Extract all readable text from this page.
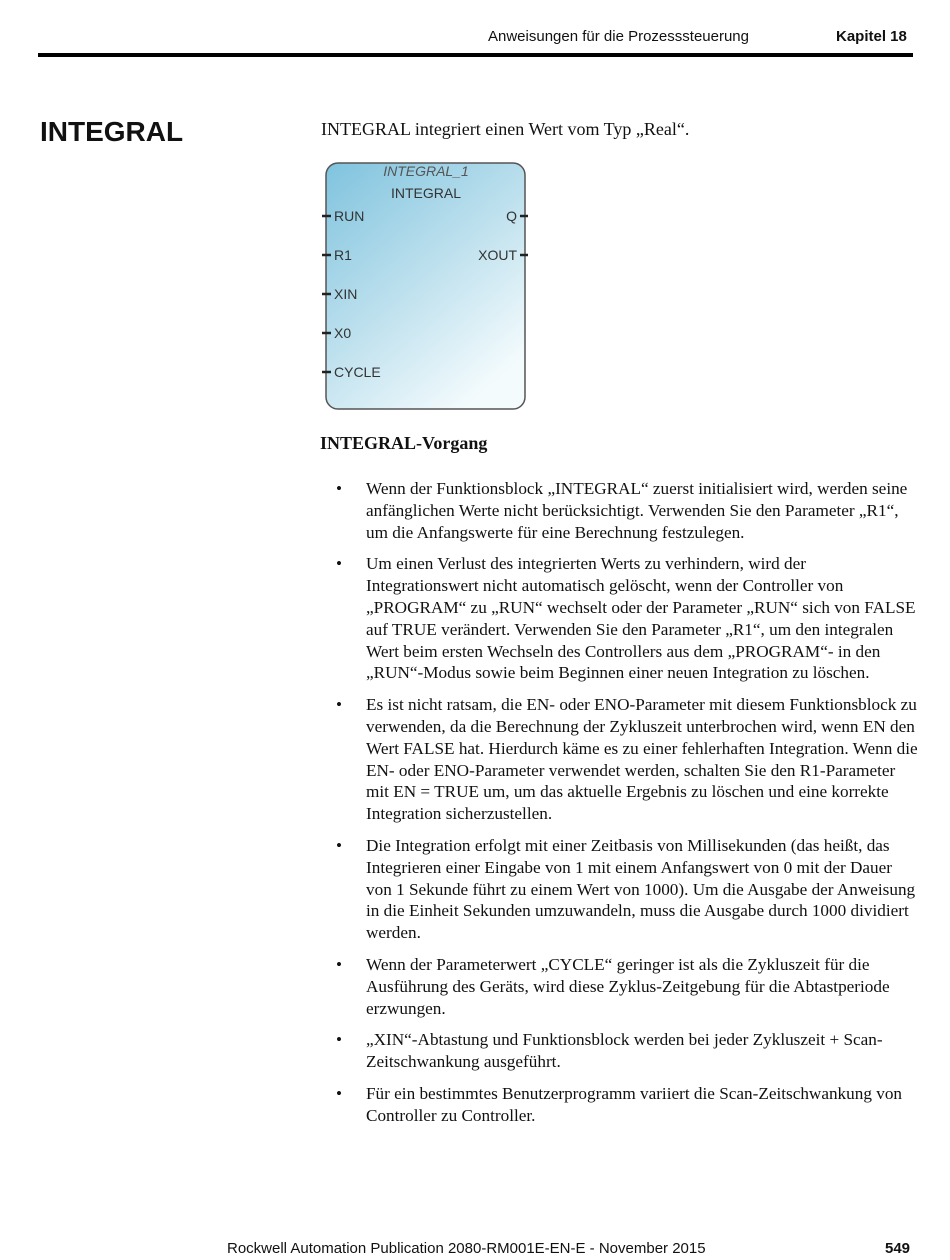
Anweisungen für die Prozesssteuerung	Kapitel 18
INTEGRAL	INTEGRAL integriert einen Wert vom Typ „Real“.
INTEGRAL_1
INTEGRAL
RUN
R1
XIN
X0
CYCLE
Q
XOUT
INTEGRAL-Vorgang
• Wenn der Funktionsblock „INTEGRAL“ zuerst initialisiert wird, werden seine anfänglichen Werte nicht berücksichtigt. Verwenden Sie den Parameter „R1“, um die Anfangswerte für eine Berechnung festzulegen.
• Um einen Verlust des integrierten Werts zu verhindern, wird der Integrationswert nicht automatisch gelöscht, wenn der Controller von „PROGRAM“ zu „RUN“ wechselt oder der Parameter „RUN“ sich von FALSE auf TRUE verändert. Verwenden Sie den Parameter „R1“, um den integralen Wert beim ersten Wechseln des Controllers aus dem „PROGRAM“- in den „RUN“-Modus sowie beim Beginnen einer neuen Integration zu löschen.
• Es ist nicht ratsam, die EN- oder ENO-Parameter mit diesem Funktionsblock zu verwenden, da die Berechnung der Zykluszeit unterbrochen wird, wenn EN den Wert FALSE hat. Hierdurch käme es zu einer fehlerhaften Integration. Wenn die EN- oder ENO-Parameter verwendet werden, schalten Sie den R1-Parameter mit EN = TRUE um, um das aktuelle Ergebnis zu löschen und eine korrekte Integration sicherzustellen.
• Die Integration erfolgt mit einer Zeitbasis von Millisekunden (das heißt, das Integrieren einer Eingabe von 1 mit einem Anfangswert von 0 mit der Dauer von 1 Sekunde führt zu einem Wert von 1000). Um die Ausgabe der Anweisung in die Einheit Sekunden umzuwandeln, muss die Ausgabe durch 1000 dividiert werden.
• Wenn der Parameterwert „CYCLE“ geringer ist als die Zykluszeit für die Ausführung des Geräts, wird diese Zyklus-Zeitgebung für die Abtastperiode erzwungen.
• „XIN“-Abtastung und Funktionsblock werden bei jeder Zykluszeit + Scan-Zeitschwankung ausgeführt.
• Für ein bestimmtes Benutzerprogramm variiert die Scan-Zeitschwankung von Controller zu Controller.
Rockwell Automation Publication 2080-RM001E-EN-E - November 2015	549
